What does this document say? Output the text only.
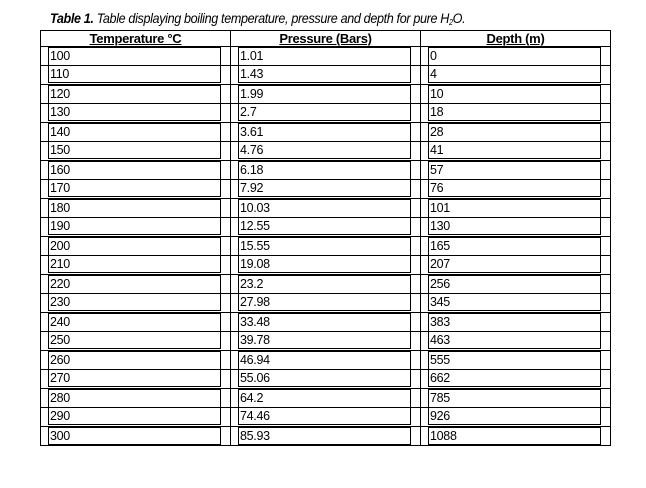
Table 1. Table displaying boiling temperature, pressure and depth for pure $H_2O$.
Temperature °C	Pressure (Bars)	Depth (m)

100	1.01	0

110	1.43	4

120	1.99	10

130	2.7	18

140	3.61	28

150	4.76	41

160	6.18	57

170	7.92	76

180	10.03	101

190	12.55	130

200	15.55	165

210	19.08	207

220	23.2	256

230	27.98	345

240	33.48	383

250	39.78	463

260	46.94	555

270	55.06	662

280	64.2	785

290	74.46	926

300	85.93	1088
